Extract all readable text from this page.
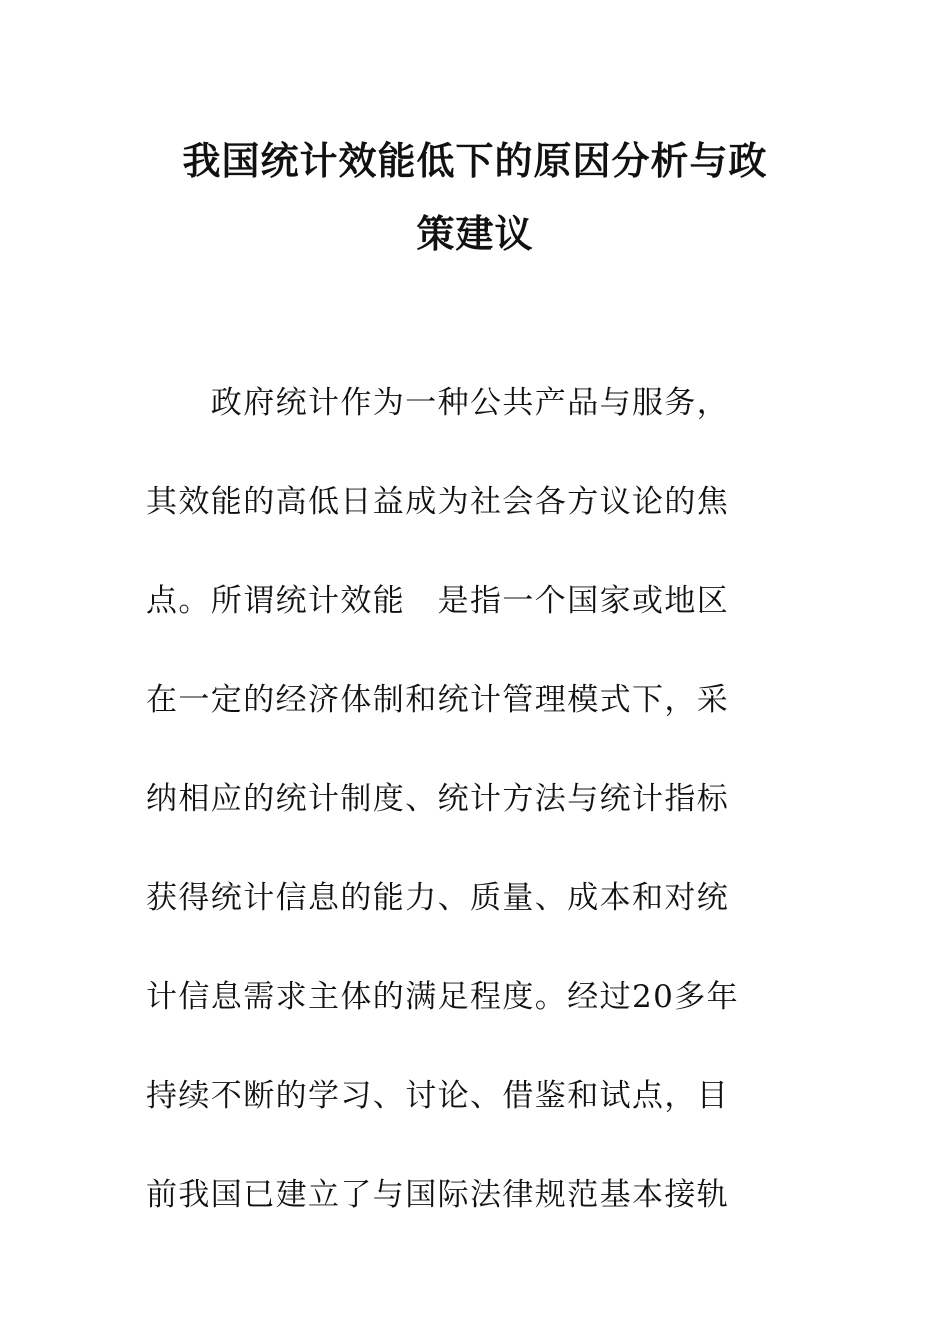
我国统计效能低下的原因分析与政
策建议
　　政府统计作为一种公共产品与服务，
其效能的高低日益成为社会各方议论的焦
点。所谓统计效能　是指一个国家或地区
在一定的经济体制和统计管理模式下，采
纳相应的统计制度、统计方法与统计指标
获得统计信息的能力、质量、成本和对统
计信息需求主体的满足程度。经过20多年
持续不断的学习、讨论、借鉴和试点，目
前我国已建立了与国际法律规范基本接轨
